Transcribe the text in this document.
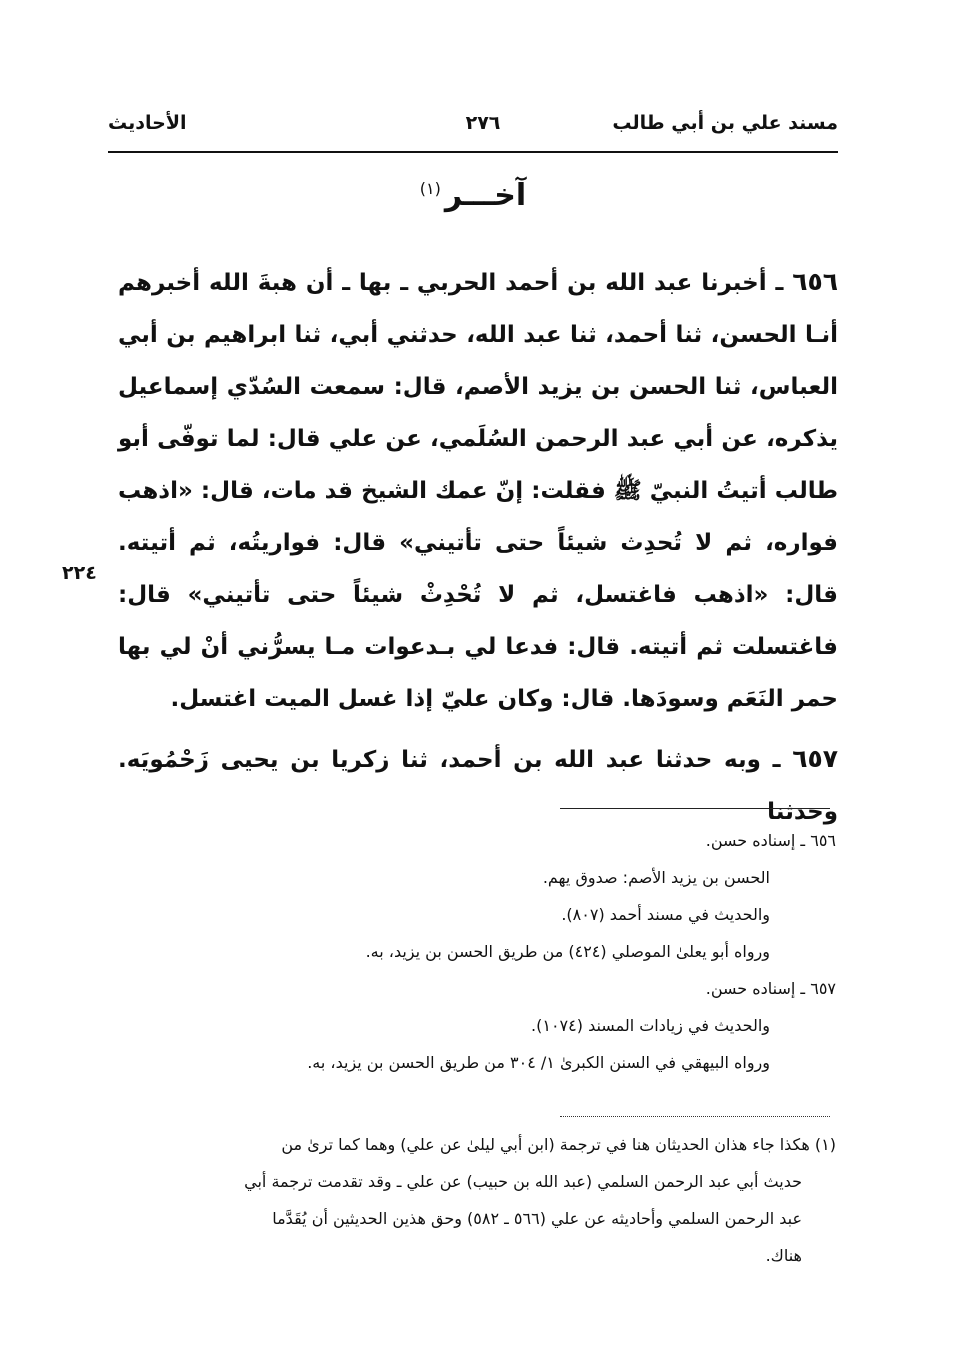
مسند علي بن أبي طالب
٢٧٦
الأحاديث
آخـــر$^{(١)}$

٦٥٦ ـ أخبرنا عبد الله بن أحمد الحربي ـ بها ـ أن هبةَ الله أخبرهم أنـا الحسن، ثنا أحمد، ثنا عبد الله، حدثني أبي، ثنا ابراهيم بن أبي العباس، ثنا الحسن بن يزيد الأصم، قال: سمعت السُدّي إسماعيل يذكره، عن أبي عبد الرحمن السُلَمي، عن علي قال: لما توفّى أبو طالب أتيتُ النبيّ ﷺ فقلت: إنّ عمك الشيخ قد مات، قال: «اذهب فواره، ثم لا تُحدِث شيئاً حتى تأتيني» قال: فواريتُه، ثم أتيته. قال: «اذهب فاغتسل، ثم لا تُحْدِثْ شيئاً حتى تأتيني» قال: فاغتسلت ثم أتيته. قال: فدعا لي بـدعوات مـا يسرُّني أنْ لي بها حمر النَعَم وسودَها. قال: وكان عليّ إذا غسل الميت اغتسل.

٦٥٧ ـ وبه حدثنا عبد الله بن أحمد، ثنا زكريا بن يحيى زَحْمُويَه. وحدثنا

٢٢٤

٦٥٦ ـ إسناده حسن.

الحسن بن يزيد الأصم: صدوق يهم.

والحديث في مسند أحمد (٨٠٧).

ورواه أبو يعلىٰ الموصلي (٤٢٤) من طريق الحسن بن يزيد، به.

٦٥٧ ـ إسناده حسن.

والحديث في زيادات المسند (١٠٧٤).

ورواه البيهقي في السنن الكبرىٰ ١/ ٣٠٤ من طريق الحسن بن يزيد، به.

(١) هكذا جاء هذان الحديثان هنا في ترجمة (ابن أبي ليلىٰ عن علي) وهما كما ترىٰ من

حديث أبي عبد الرحمن السلمي (عبد الله بن حبيب) عن علي ـ وقد تقدمت ترجمة أبي

عبد الرحمن السلمي وأحاديثه عن علي (٥٦٦ ـ ٥٨٢) وحق هذين الحديثين أن يُقَدَّما

هناك.
